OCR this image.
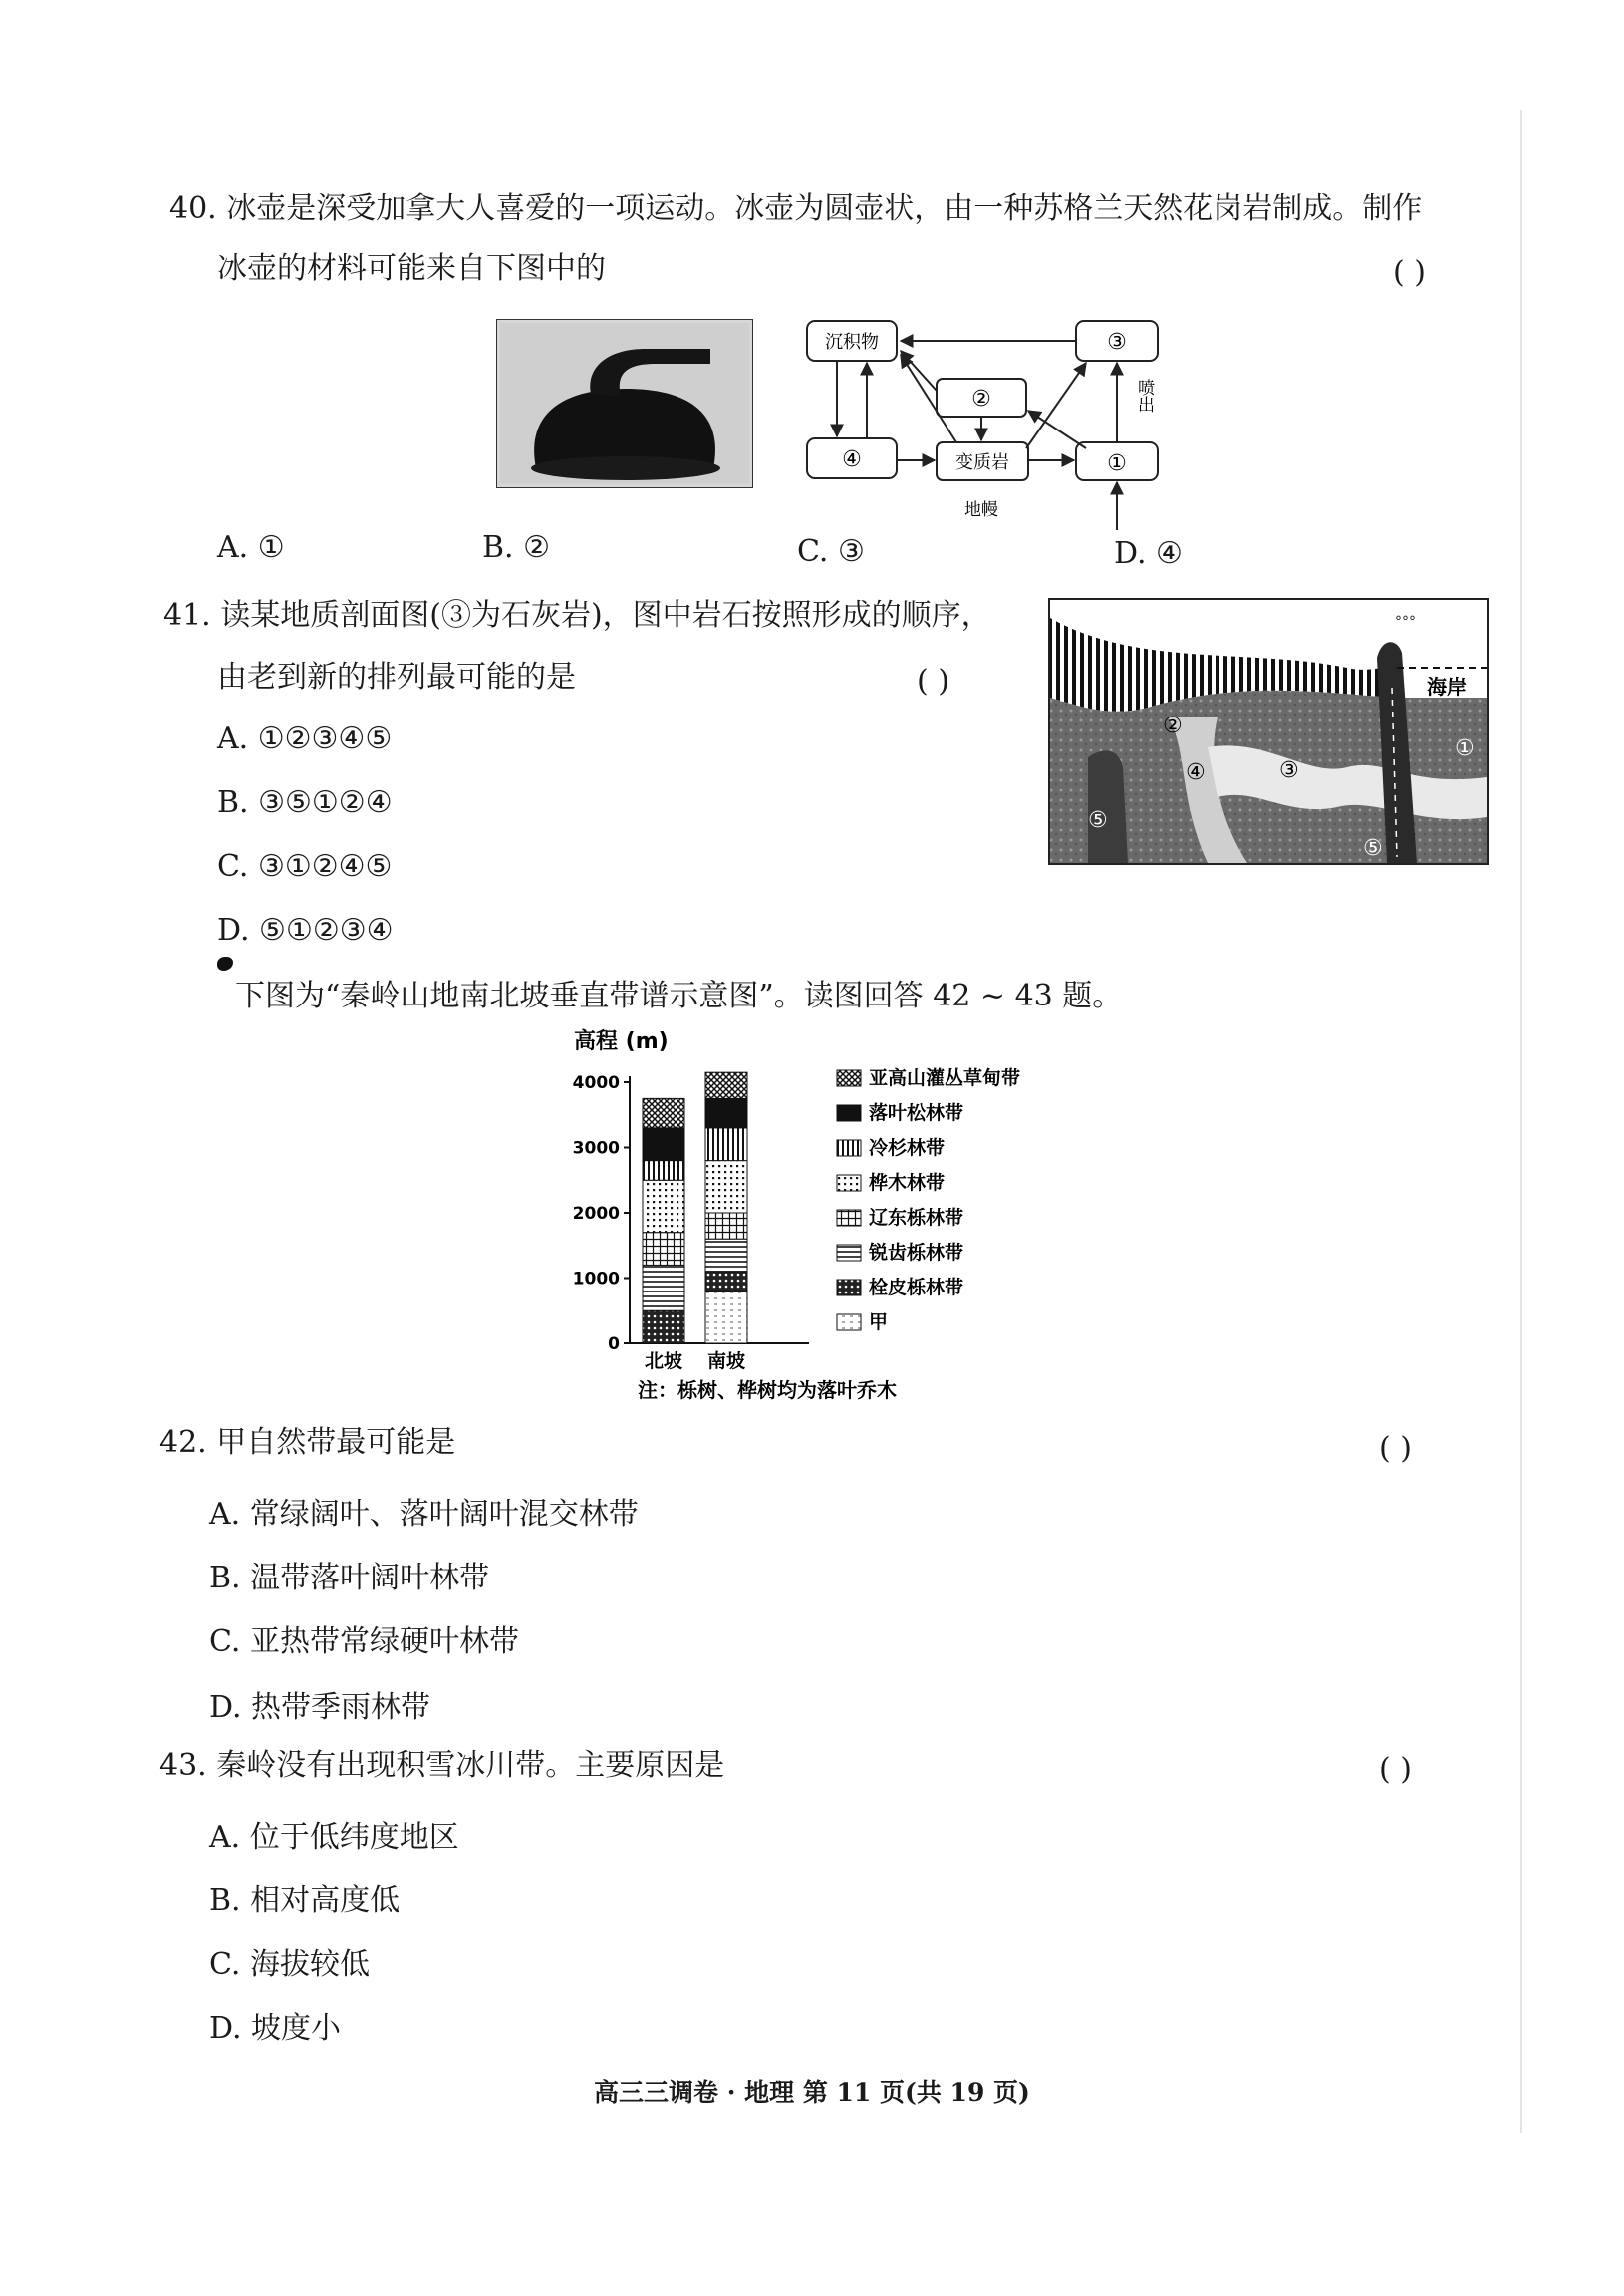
40. 冰壶是深受加拿大人喜爱的一项运动。冰壶为圆壶状，由一种苏格兰天然花岗岩制成。制作
冰壶的材料可能来自下图中的	( )
沉积物	③
②
④	变质岩	①
喷出
地幔
A. ①	B. ②	C. ③	D. ④
41. 读某地质剖面图(③为石灰岩)，图中岩石按照形成的顺序，
由老到新的排列最可能的是	( )
A. ①②③④⑤
B. ③⑤①②④
C. ③①②④⑤
D. ⑤①②③④
°°°
海岸
②
④	③
①
⑤
⑤
下图为“秦岭山地南北坡垂直带谱示意图”。读图回答 42 ~ 43 题。
高程 (m)
0
1000
2000
3000
4000
北坡 南坡
亚高山灌丛草甸带
落叶松林带
冷杉林带
桦木林带
辽东栎林带
锐齿栎林带
栓皮栎林带
甲
注：栎树、桦树均为落叶乔木
42. 甲自然带最可能是	( )
A. 常绿阔叶、落叶阔叶混交林带
B. 温带落叶阔叶林带
C. 亚热带常绿硬叶林带
D. 热带季雨林带
43. 秦岭没有出现积雪冰川带。主要原因是	( )
A. 位于低纬度地区
B. 相对高度低
C. 海拔较低
D. 坡度小
高三三调卷 · 地理 第 11 页(共 19 页)
